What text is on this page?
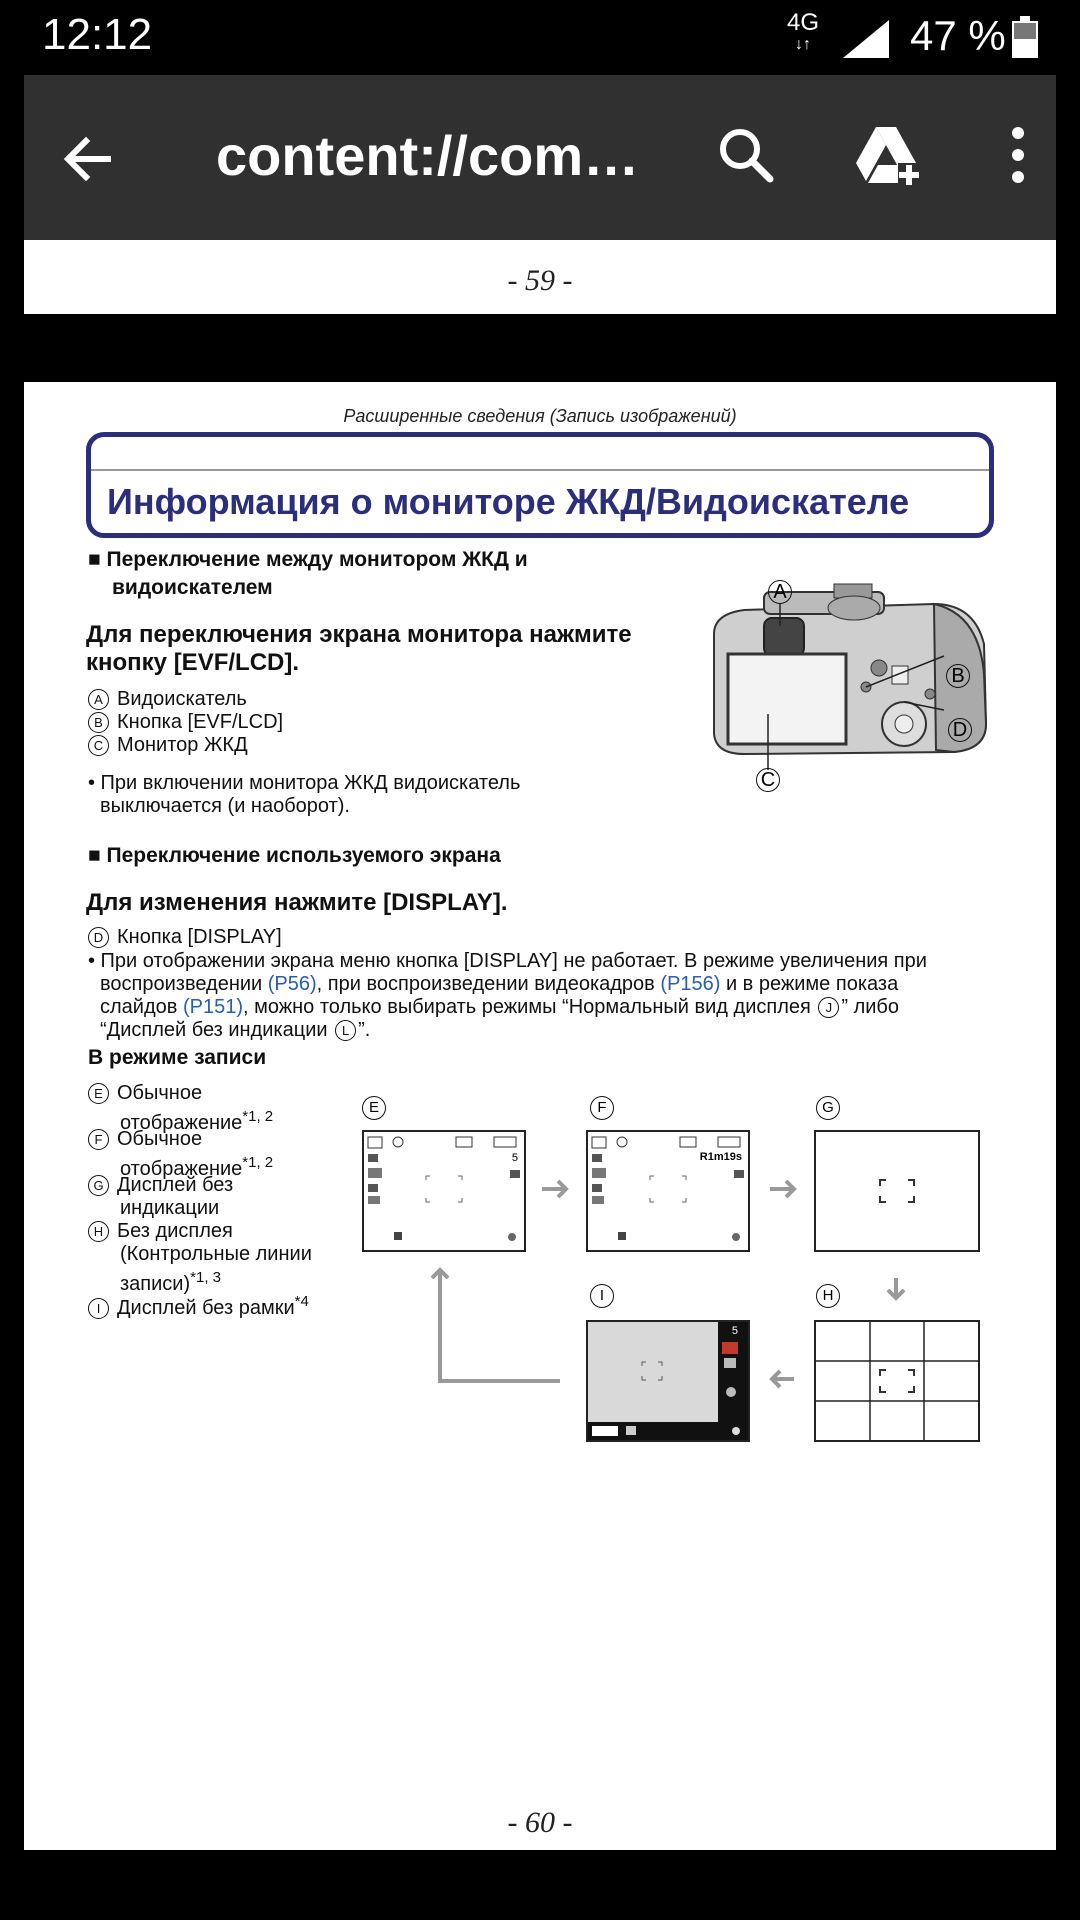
12:12	4G
↓↑	47 %
content://com…
- 59 -
Расширенные сведения (Запись изображений)
Информация о мониторе ЖКД/Видоискателе
■ Переключение между монитором ЖКД и
видоискателем
Для переключения экрана монитора нажмите
кнопку [EVF/LCD].
A Видоискатель
B Кнопка [EVF/LCD]
C Монитор ЖКД
• При включении монитора ЖКД видоискатель
выключается (и наоборот).
A
B
C
D
■ Переключение используемого экрана
Для изменения нажмите [DISPLAY].
D Кнопка [DISPLAY]
• При отображении экрана меню кнопка [DISPLAY] не работает. В режиме увеличения при
воспроизведении (P56), при воспроизведении видеокадров (P156) и в режиме показа
слайдов (P151), можно только выбирать режимы “Нормальный вид дисплея J ” либо
“Дисплей без индикации L ”.
В режиме записи
E Обычное
отображение$^{*1, 2}$
F Обычное
отображение$^{*1, 2}$
G Дисплей без
индикации
H Без дисплея
(Контрольные линии
записи)$^{*1, 3}$
I Дисплей без рамки$^{*4}$
E	F	G
H
I
5	R1m19s
5
- 60 -
